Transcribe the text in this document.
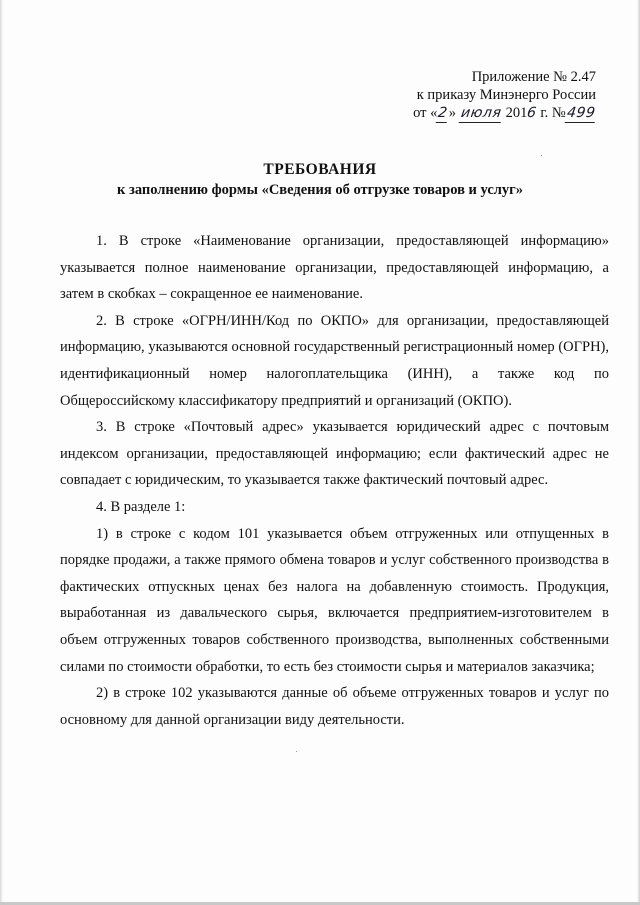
Приложение № 2.47
к приказу Минэнерго России
от «2» июля 2016 г. №499
ТРЕБОВАНИЯ
к заполнению формы «Сведения об отгрузке товаров и услуг»

1. В строке «Наименование организации, предоставляющей информацию» указывается полное наименование организации, предоставляющей информацию, а затем в скобках – сокращенное ее наименование.

2. В строке «ОГРН/ИНН/Код по ОКПО» для организации, предоставляющей информацию, указываются основной государственный регистрационный номер (ОГРН), идентификационный номер налогоплательщика (ИНН), а также код по Общероссийскому классификатору предприятий и организаций (ОКПО).

3. В строке «Почтовый адрес» указывается юридический адрес с почтовым индексом организации, предоставляющей информацию; если фактический адрес не совпадает с юридическим, то указывается также фактический почтовый адрес.

4. В разделе 1:

1) в строке с кодом 101 указывается объем отгруженных или отпущенных в порядке продажи, а также прямого обмена товаров и услуг собственного производства в фактических отпускных ценах без налога на добавленную стоимость. Продукция, выработанная из давальческого сырья, включается предприятием-изготовителем в объем отгруженных товаров собственного производства, выполненных собственными силами по стоимости обработки, то есть без стоимости сырья и материалов заказчика;

2) в строке 102 указываются данные об объеме отгруженных товаров и услуг по основному для данной организации виду деятельности.
